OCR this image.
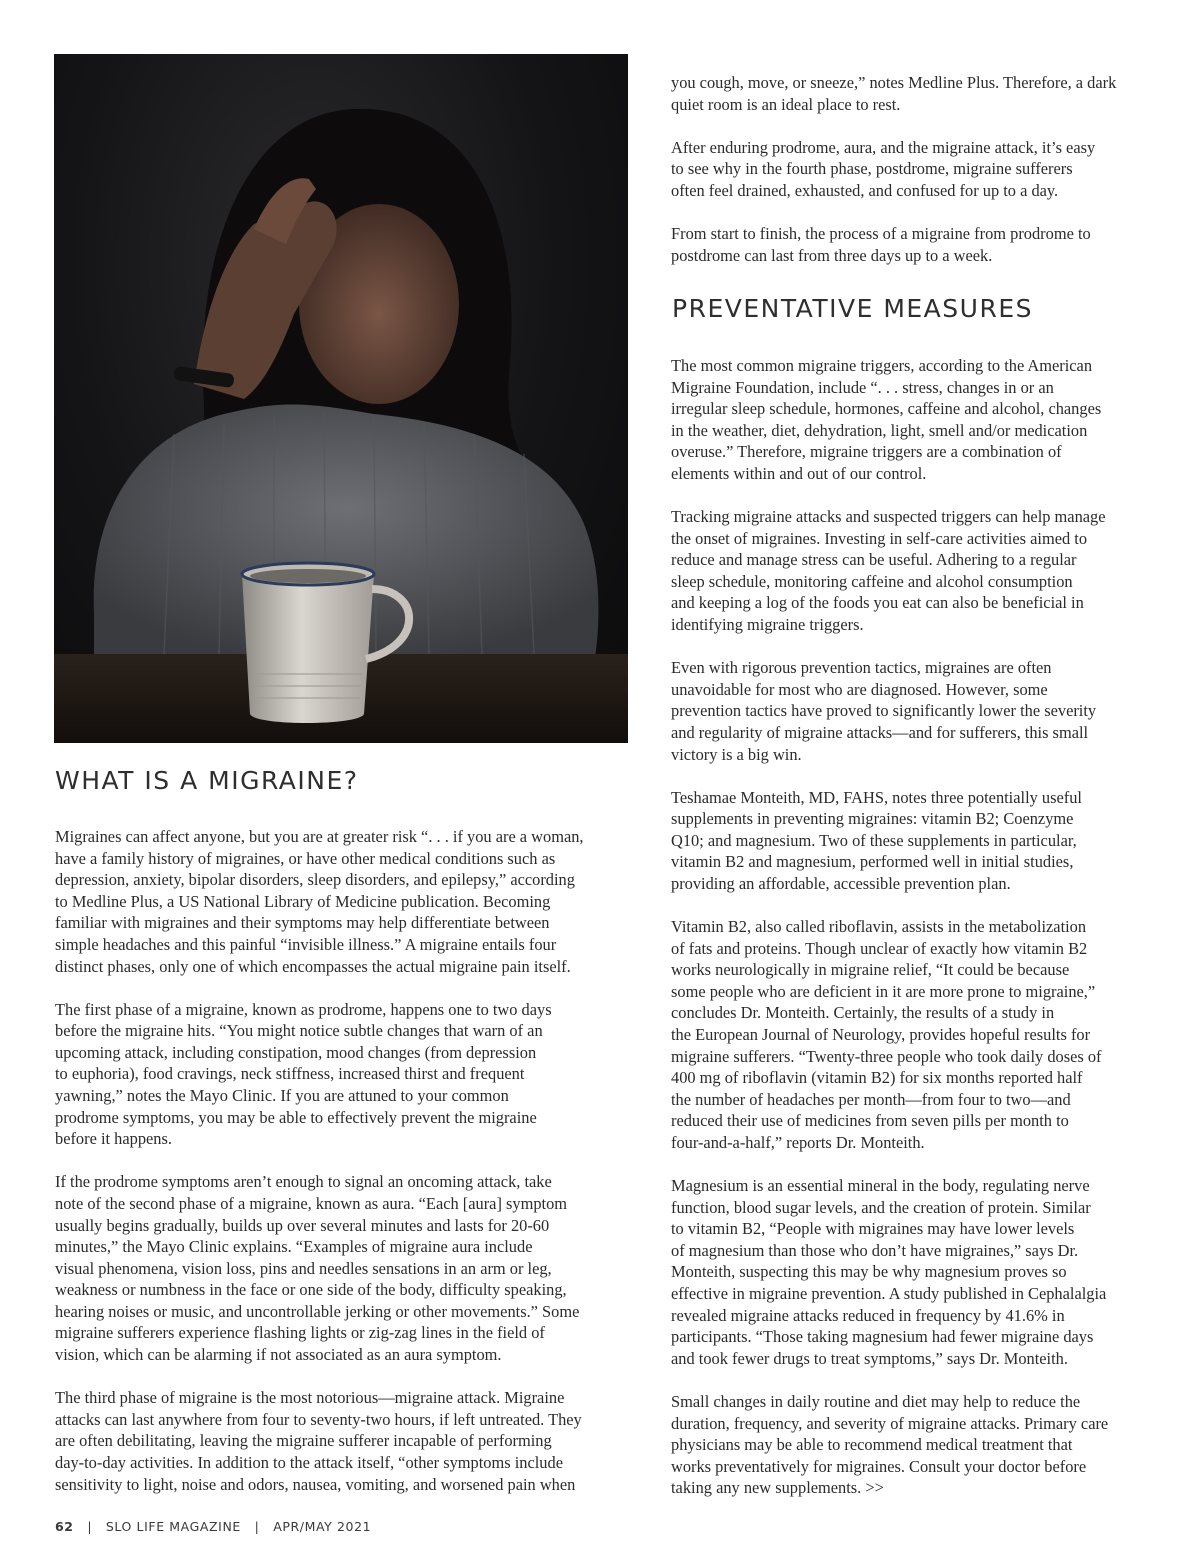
WHAT IS A MIGRAINE?

Migraines can affect anyone, but you are at greater risk “. . . if you are a woman,
have a family history of migraines, or have other medical conditions such as
depression, anxiety, bipolar disorders, sleep disorders, and epilepsy,” according
to Medline Plus, a US National Library of Medicine publication. Becoming
familiar with migraines and their symptoms may help differentiate between
simple headaches and this painful “invisible illness.” A migraine entails four
distinct phases, only one of which encompasses the actual migraine pain itself.

The first phase of a migraine, known as prodrome, happens one to two days
before the migraine hits. “You might notice subtle changes that warn of an
upcoming attack, including constipation, mood changes (from depression
to euphoria), food cravings, neck stiffness, increased thirst and frequent
yawning,” notes the Mayo Clinic. If you are attuned to your common
prodrome symptoms, you may be able to effectively prevent the migraine
before it happens.

If the prodrome symptoms aren’t enough to signal an oncoming attack, take
note of the second phase of a migraine, known as aura. “Each [aura] symptom
usually begins gradually, builds up over several minutes and lasts for 20-60
minutes,” the Mayo Clinic explains. “Examples of migraine aura include
visual phenomena, vision loss, pins and needles sensations in an arm or leg,
weakness or numbness in the face or one side of the body, difficulty speaking,
hearing noises or music, and uncontrollable jerking or other movements.” Some
migraine sufferers experience flashing lights or zig-zag lines in the field of
vision, which can be alarming if not associated as an aura symptom.

The third phase of migraine is the most notorious—migraine attack. Migraine
attacks can last anywhere from four to seventy-two hours, if left untreated. They
are often debilitating, leaving the migraine sufferer incapable of performing
day-to-day activities. In addition to the attack itself, “other symptoms include
sensitivity to light, noise and odors, nausea, vomiting, and worsened pain when

you cough, move, or sneeze,” notes Medline Plus. Therefore, a dark
quiet room is an ideal place to rest.

After enduring prodrome, aura, and the migraine attack, it’s easy
to see why in the fourth phase, postdrome, migraine sufferers
often feel drained, exhausted, and confused for up to a day.

From start to finish, the process of a migraine from prodrome to
postdrome can last from three days up to a week.

PREVENTATIVE MEASURES

The most common migraine triggers, according to the American
Migraine Foundation, include “. . . stress, changes in or an
irregular sleep schedule, hormones, caffeine and alcohol, changes
in the weather, diet, dehydration, light, smell and/or medication
overuse.” Therefore, migraine triggers are a combination of
elements within and out of our control.

Tracking migraine attacks and suspected triggers can help manage
the onset of migraines. Investing in self-care activities aimed to
reduce and manage stress can be useful. Adhering to a regular
sleep schedule, monitoring caffeine and alcohol consumption
and keeping a log of the foods you eat can also be beneficial in
identifying migraine triggers.

Even with rigorous prevention tactics, migraines are often
unavoidable for most who are diagnosed. However, some
prevention tactics have proved to significantly lower the severity
and regularity of migraine attacks—and for sufferers, this small
victory is a big win.

Teshamae Monteith, MD, FAHS, notes three potentially useful
supplements in preventing migraines: vitamin B2; Coenzyme
Q10; and magnesium. Two of these supplements in particular,
vitamin B2 and magnesium, performed well in initial studies,
providing an affordable, accessible prevention plan.

Vitamin B2, also called riboflavin, assists in the metabolization
of fats and proteins. Though unclear of exactly how vitamin B2
works neurologically in migraine relief, “It could be because
some people who are deficient in it are more prone to migraine,”
concludes Dr. Monteith. Certainly, the results of a study in
the European Journal of Neurology, provides hopeful results for
migraine sufferers. “Twenty-three people who took daily doses of
400 mg of riboflavin (vitamin B2) for six months reported half
the number of headaches per month—from four to two—and
reduced their use of medicines from seven pills per month to
four-and-a-half,” reports Dr. Monteith.

Magnesium is an essential mineral in the body, regulating nerve
function, blood sugar levels, and the creation of protein. Similar
to vitamin B2, “People with migraines may have lower levels
of magnesium than those who don’t have migraines,” says Dr.
Monteith, suspecting this may be why magnesium proves so
effective in migraine prevention. A study published in Cephalalgia
revealed migraine attacks reduced in frequency by 41.6% in
participants. “Those taking magnesium had fewer migraine days
and took fewer drugs to treat symptoms,” says Dr. Monteith.

Small changes in daily routine and diet may help to reduce the
duration, frequency, and severity of migraine attacks. Primary care
physicians may be able to recommend medical treatment that
works preventatively for migraines. Consult your doctor before
taking any new supplements. >>

62 | SLO LIFE MAGAZINE | APR/MAY 2021
